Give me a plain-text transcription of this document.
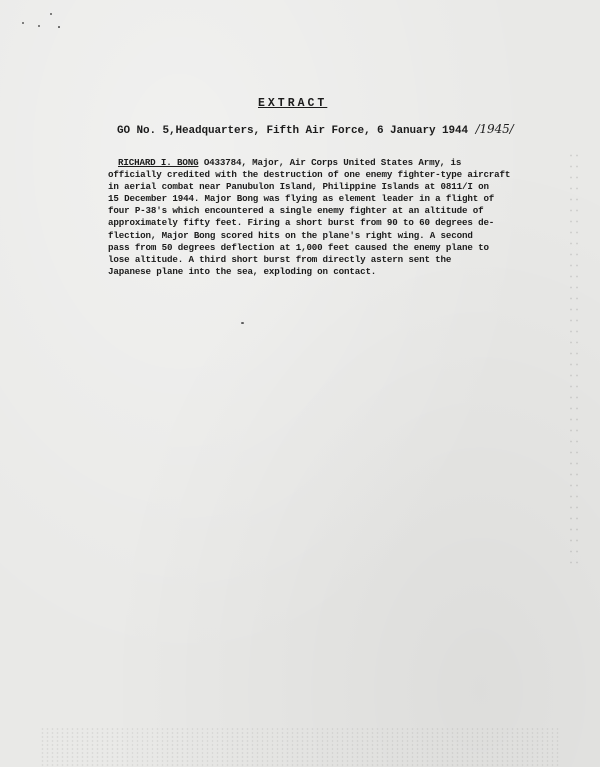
EXTRACT
GO No. 5,Headquarters, Fifth Air Force, 6 January 1944 /1945/
RICHARD I. BONG O433784, Major, Air Corps United States Army, is
officially credited with the destruction of one enemy fighter-type aircraft
in aerial combat near Panubulon Island, Philippine Islands at 0811/I on
15 December 1944. Major Bong was flying as element leader in a flight of
four P-38's which encountered a single enemy fighter at an altitude of
approximately fifty feet. Firing a short burst from 90 to 60 degrees de-
flection, Major Bong scored hits on the plane's right wing. A second
pass from 50 degrees deflection at 1,000 feet caused the enemy plane to
lose altitude. A third short burst from directly astern sent the
Japanese plane into the sea, exploding on contact.
